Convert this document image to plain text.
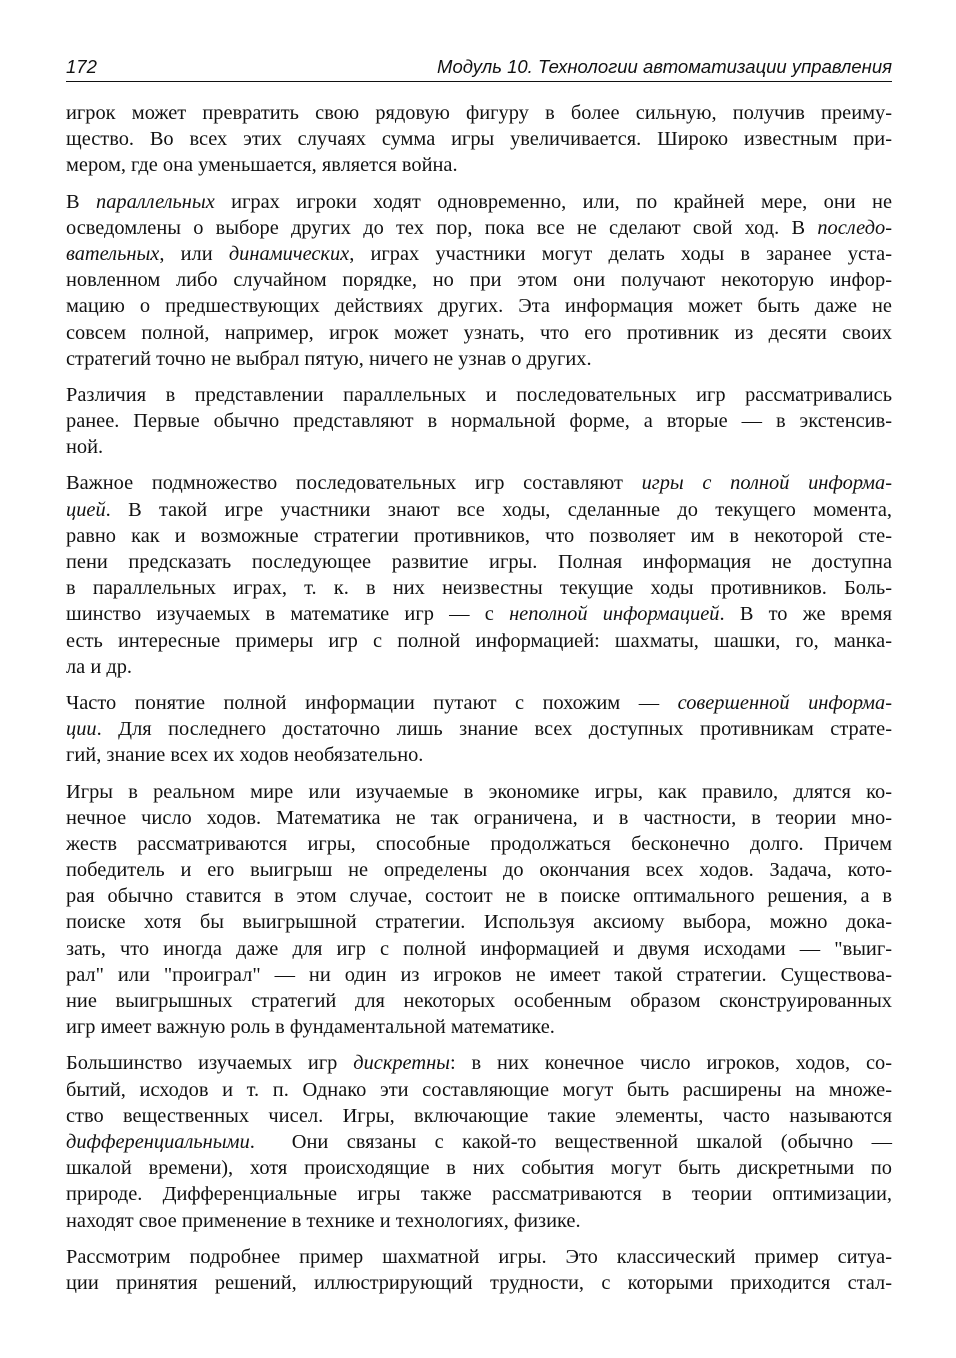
172	Модуль 10. Технологии автоматизации управления
игрок может превратить свою рядовую фигуру в более сильную, получив преиму-
щество. Во всех этих случаях сумма игры увеличивается. Широко известным при-
мером, где она уменьшается, является война.
В параллельных играх игроки ходят одновременно, или, по крайней мере, они не
осведомлены о выборе других до тех пор, пока все не сделают свой ход. В последо-
вательных, или динамических, играх участники могут делать ходы в заранее уста-
новленном либо случайном порядке, но при этом они получают некоторую инфор-
мацию о предшествующих действиях других. Эта информация может быть даже не
совсем полной, например, игрок может узнать, что его противник из десяти своих
стратегий точно не выбрал пятую, ничего не узнав о других.
Различия в представлении параллельных и последовательных игр рассматривались
ранее. Первые обычно представляют в нормальной форме, а вторые — в экстенсив-
ной.
Важное подмножество последовательных игр составляют игры с полной информа-
цией. В такой игре участники знают все ходы, сделанные до текущего момента,
равно как и возможные стратегии противников, что позволяет им в некоторой сте-
пени предсказать последующее развитие игры. Полная информация не доступна
в параллельных играх, т. к. в них неизвестны текущие ходы противников. Боль-
шинство изучаемых в математике игр — с неполной информацией. В то же время
есть интересные примеры игр с полной информацией: шахматы, шашки, го, манка-
ла и др.
Часто понятие полной информации путают с похожим — совершенной информа-
ции. Для последнего достаточно лишь знание всех доступных противникам страте-
гий, знание всех их ходов необязательно.
Игры в реальном мире или изучаемые в экономике игры, как правило, длятся ко-
нечное число ходов. Математика не так ограничена, и в частности, в теории мно-
жеств рассматриваются игры, способные продолжаться бесконечно долго. Причем
победитель и его выигрыш не определены до окончания всех ходов. Задача, кото-
рая обычно ставится в этом случае, состоит не в поиске оптимального решения, а в
поиске хотя бы выигрышной стратегии. Используя аксиому выбора, можно дока-
зать, что иногда даже для игр с полной информацией и двумя исходами — "выиг-
рал" или "проиграл" — ни один из игроков не имеет такой стратегии. Существова-
ние выигрышных стратегий для некоторых особенным образом сконструированных
игр имеет важную роль в фундаментальной математике.
Большинство изучаемых игр дискретны: в них конечное число игроков, ходов, со-
бытий, исходов и т. п. Однако эти составляющие могут быть расширены на множе-
ство вещественных чисел. Игры, включающие такие элементы, часто называются
дифференциальными.  Они связаны с какой-то вещественной шкалой (обычно —
шкалой времени), хотя происходящие в них события могут быть дискретными по
природе. Дифференциальные игры также рассматриваются в теории оптимизации,
находят свое применение в технике и технологиях, физике.
Рассмотрим подробнее пример шахматной игры. Это классический пример ситуа-
ции принятия решений, иллюстрирующий трудности, с которыми приходится стал-
